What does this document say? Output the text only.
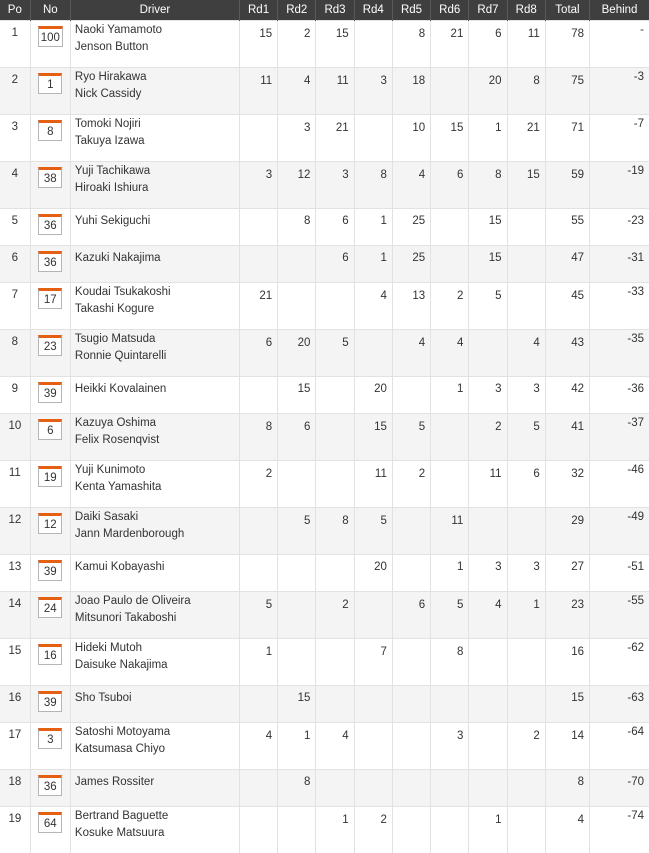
Po	No	Driver	Rd1	Rd2	Rd3	Rd4	Rd5	Rd6	Rd7	Rd8	Total	Behind
1	100	Naoki Yamamoto
Jenson Button	15	2	15		8	21	6	11	78	-
2	1	Ryo Hirakawa
Nick Cassidy	11	4	11	3	18		20	8	75	-3
3	8	Tomoki Nojiri
Takuya Izawa		3	21		10	15	1	21	71	-7
4	38	Yuji Tachikawa
Hiroaki Ishiura	3	12	3	8	4	6	8	15	59	-19
5	36	Yuhi Sekiguchi		8	6	1	25		15		55	-23
6	36	Kazuki Nakajima			6	1	25		15		47	-31
7	17	Koudai Tsukakoshi
Takashi Kogure	21			4	13	2	5		45	-33
8	23	Tsugio Matsuda
Ronnie Quintarelli	6	20	5		4	4		4	43	-35
9	39	Heikki Kovalainen		15		20		1	3	3	42	-36
10	6	Kazuya Oshima
Felix Rosenqvist	8	6		15	5		2	5	41	-37
11	19	Yuji Kunimoto
Kenta Yamashita	2			11	2		11	6	32	-46
12	12	Daiki Sasaki
Jann Mardenborough		5	8	5		11			29	-49
13	39	Kamui Kobayashi				20		1	3	3	27	-51
14	24	Joao Paulo de Oliveira
Mitsunori Takaboshi	5		2		6	5	4	1	23	-55
15	16	Hideki Mutoh
Daisuke Nakajima	1			7		8			16	-62
16	39	Sho Tsuboi		15							15	-63
17	3	Satoshi Motoyama
Katsumasa Chiyo	4	1	4			3		2	14	-64
18	36	James Rossiter		8							8	-70
19	64	Bertrand Baguette
Kosuke Matsuura			1	2			1		4	-74
